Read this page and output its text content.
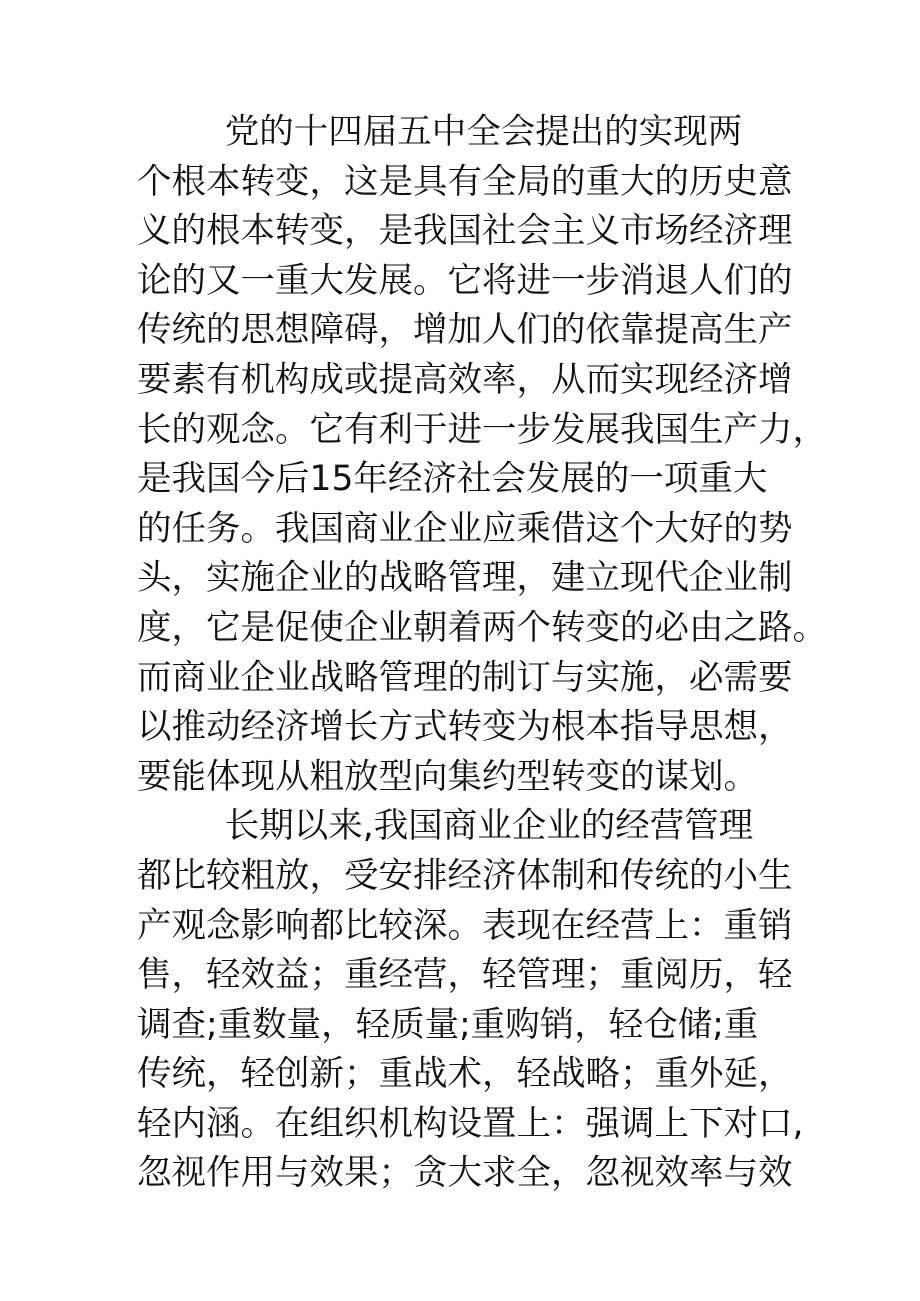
党的十四届五中全会提出的实现两
个根本转变，这是具有全局的重大的历史意
义的根本转变，是我国社会主义市场经济理
论的又一重大发展。它将进一步消退人们的
传统的思想障碍，增加人们的依靠提高生产
要素有机构成或提高效率，从而实现经济增
长的观念。它有利于进一步发展我国生产力，
是我国今后15年经济社会发展的一项重大
的任务。我国商业企业应乘借这个大好的势
头，实施企业的战略管理，建立现代企业制
度，它是促使企业朝着两个转变的必由之路。
而商业企业战略管理的制订与实施，必需要
以推动经济增长方式转变为根本指导思想，
要能体现从粗放型向集约型转变的谋划。
长期以来,我国商业企业的经营管理
都比较粗放，受安排经济体制和传统的小生
产观念影响都比较深。表现在经营上：重销
售，轻效益；重经营，轻管理；重阅历，轻
调查;重数量，轻质量;重购销，轻仓储;重
传统，轻创新；重战术，轻战略；重外延，
轻内涵。在组织机构设置上：强调上下对口,
忽视作用与效果；贪大求全，忽视效率与效
